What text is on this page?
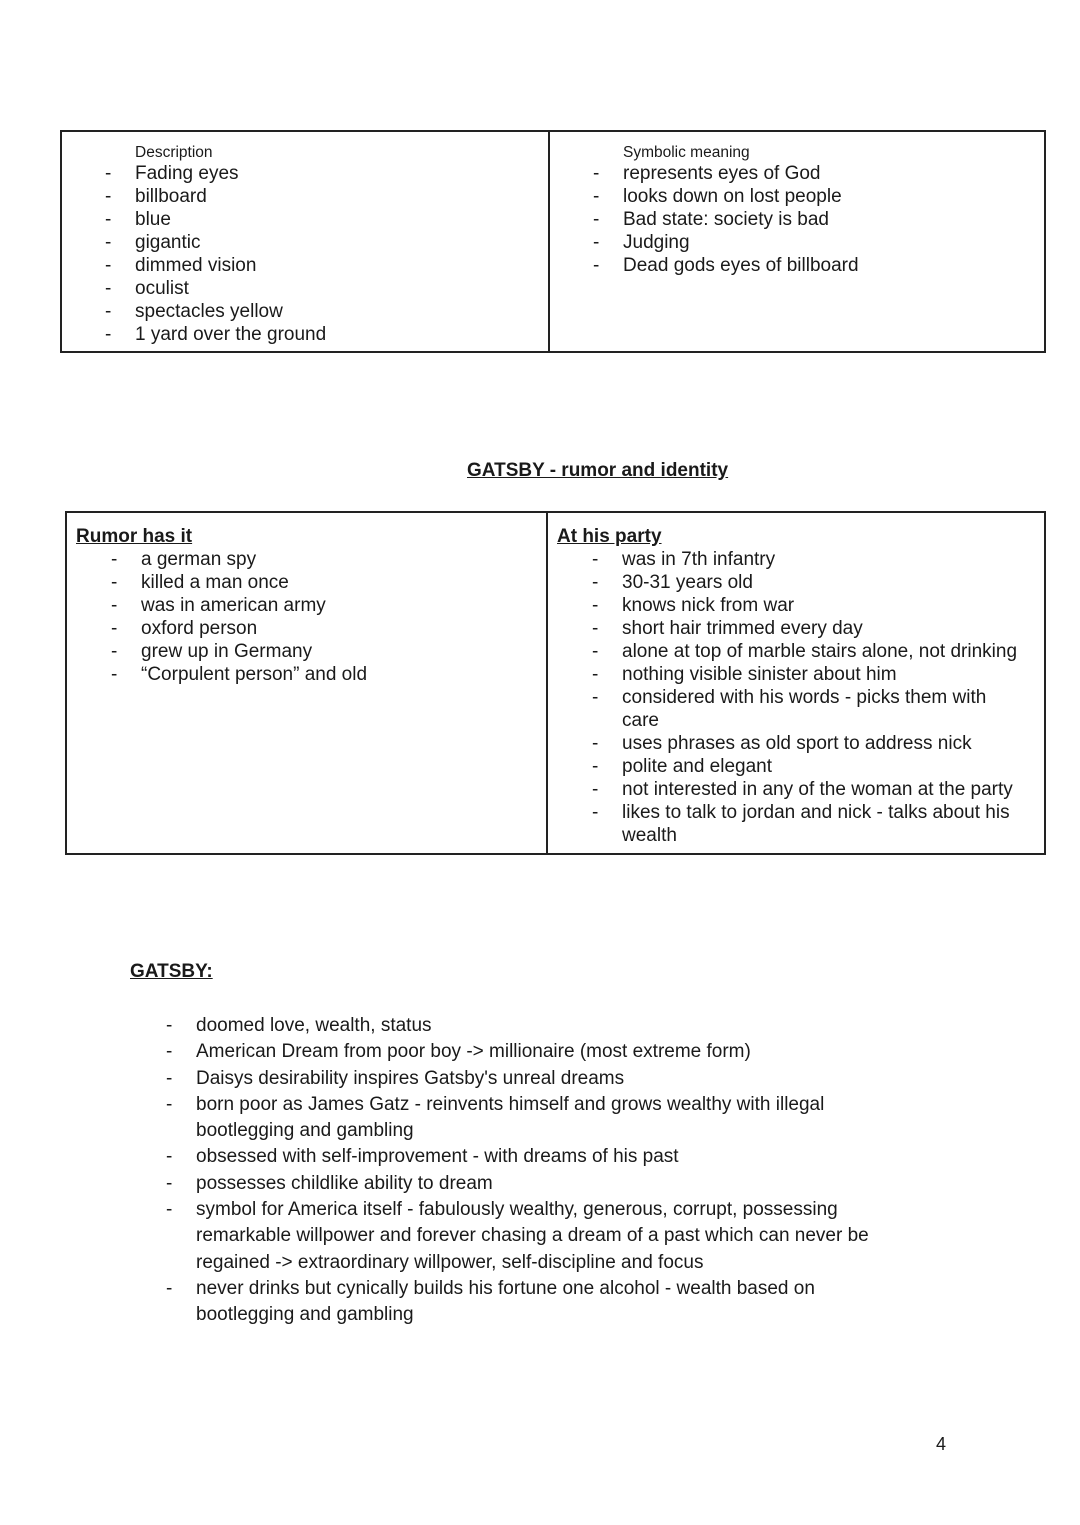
Description
- Fading eyes
- billboard
- blue
- gigantic
- dimmed vision
- oculist
- spectacles yellow
- 1 yard over the ground
Symbolic meaning
- represents eyes of God
- looks down on lost people
- Bad state: society is bad
- Judging
- Dead gods eyes of billboard
GATSBY - rumor and identity
Rumor has it
- a german spy
- killed a man once
- was in american army
- oxford person
- grew up in Germany
- “Corpulent person” and old
At his party
- was in 7th infantry
- 30-31 years old
- knows nick from war
- short hair trimmed every day
- alone at top of marble stairs alone, not drinking
- nothing visible sinister about him
- considered with his words - picks them with care
- uses phrases as old sport to address nick
- polite and elegant
- not interested in any of the woman at the party
- likes to talk to jordan and nick - talks about his wealth
GATSBY:
- doomed love, wealth, status
- American Dream from poor boy -> millionaire (most extreme form)
- Daisys desirability inspires Gatsby's unreal dreams
- born poor as James Gatz - reinvents himself and grows wealthy with illegal bootlegging and gambling
- obsessed with self-improvement - with dreams of his past
- possesses childlike ability to dream
- symbol for America itself - fabulously wealthy, generous, corrupt, possessing remarkable willpower and forever chasing a dream of a past which can never be regained -> extraordinary willpower, self-discipline and focus
- never drinks but cynically builds his fortune one alcohol - wealth based on bootlegging and gambling
4
